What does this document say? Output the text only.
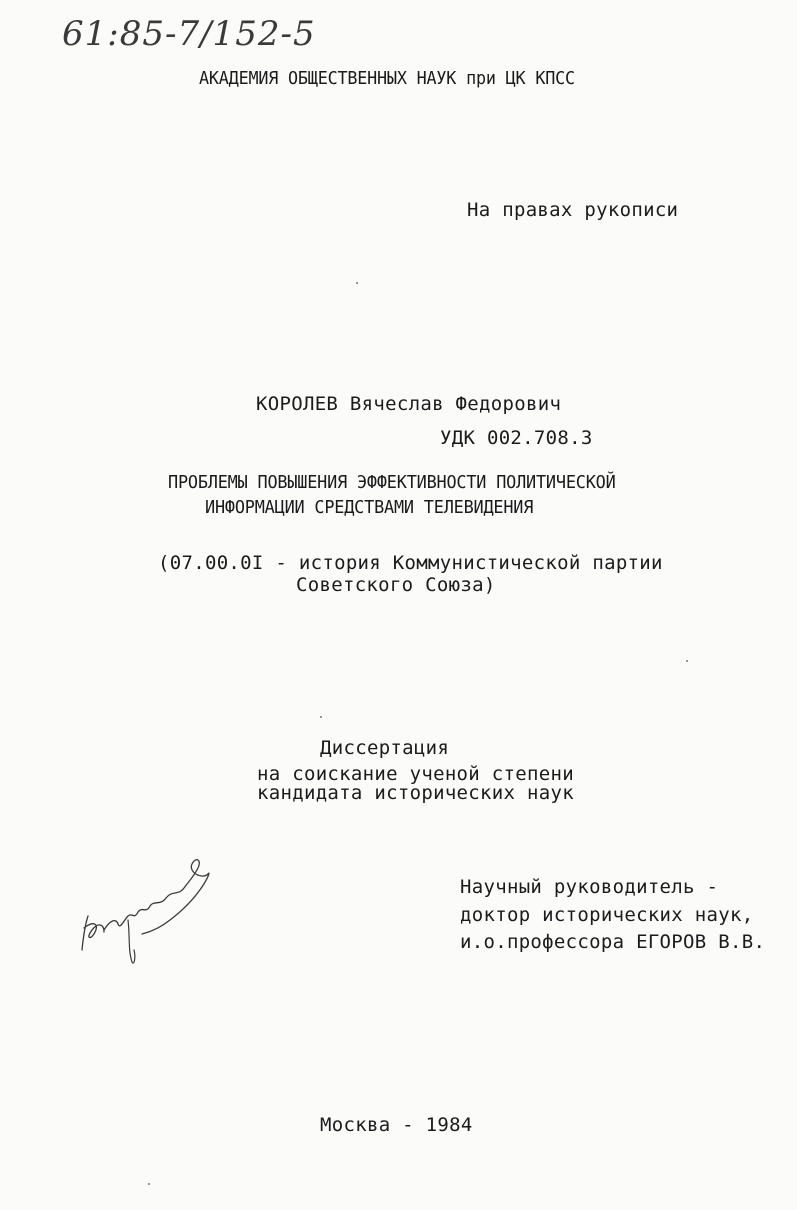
61:85-7/152-5
АКАДЕМИЯ ОБЩЕСТВЕННЫХ НАУК при ЦК КПСС
На правах рукописи
КОРОЛЕВ Вячеслав Федорович
УДК 002.708.3
ПРОБЛЕМЫ ПОВЫШЕНИЯ ЭФФЕКТИВНОСТИ ПОЛИТИЧЕСКОЙ
ИНФОРМАЦИИ СРЕДСТВАМИ ТЕЛЕВИДЕНИЯ
(07.00.0I - история Коммунистической партии
Советского Союза)
Диссертация
на соискание ученой степени
кандидата исторических наук
Научный руководитель -
доктор исторических наук,
и.о.профессора ЕГОРОВ В.В.
Москва - 1984
